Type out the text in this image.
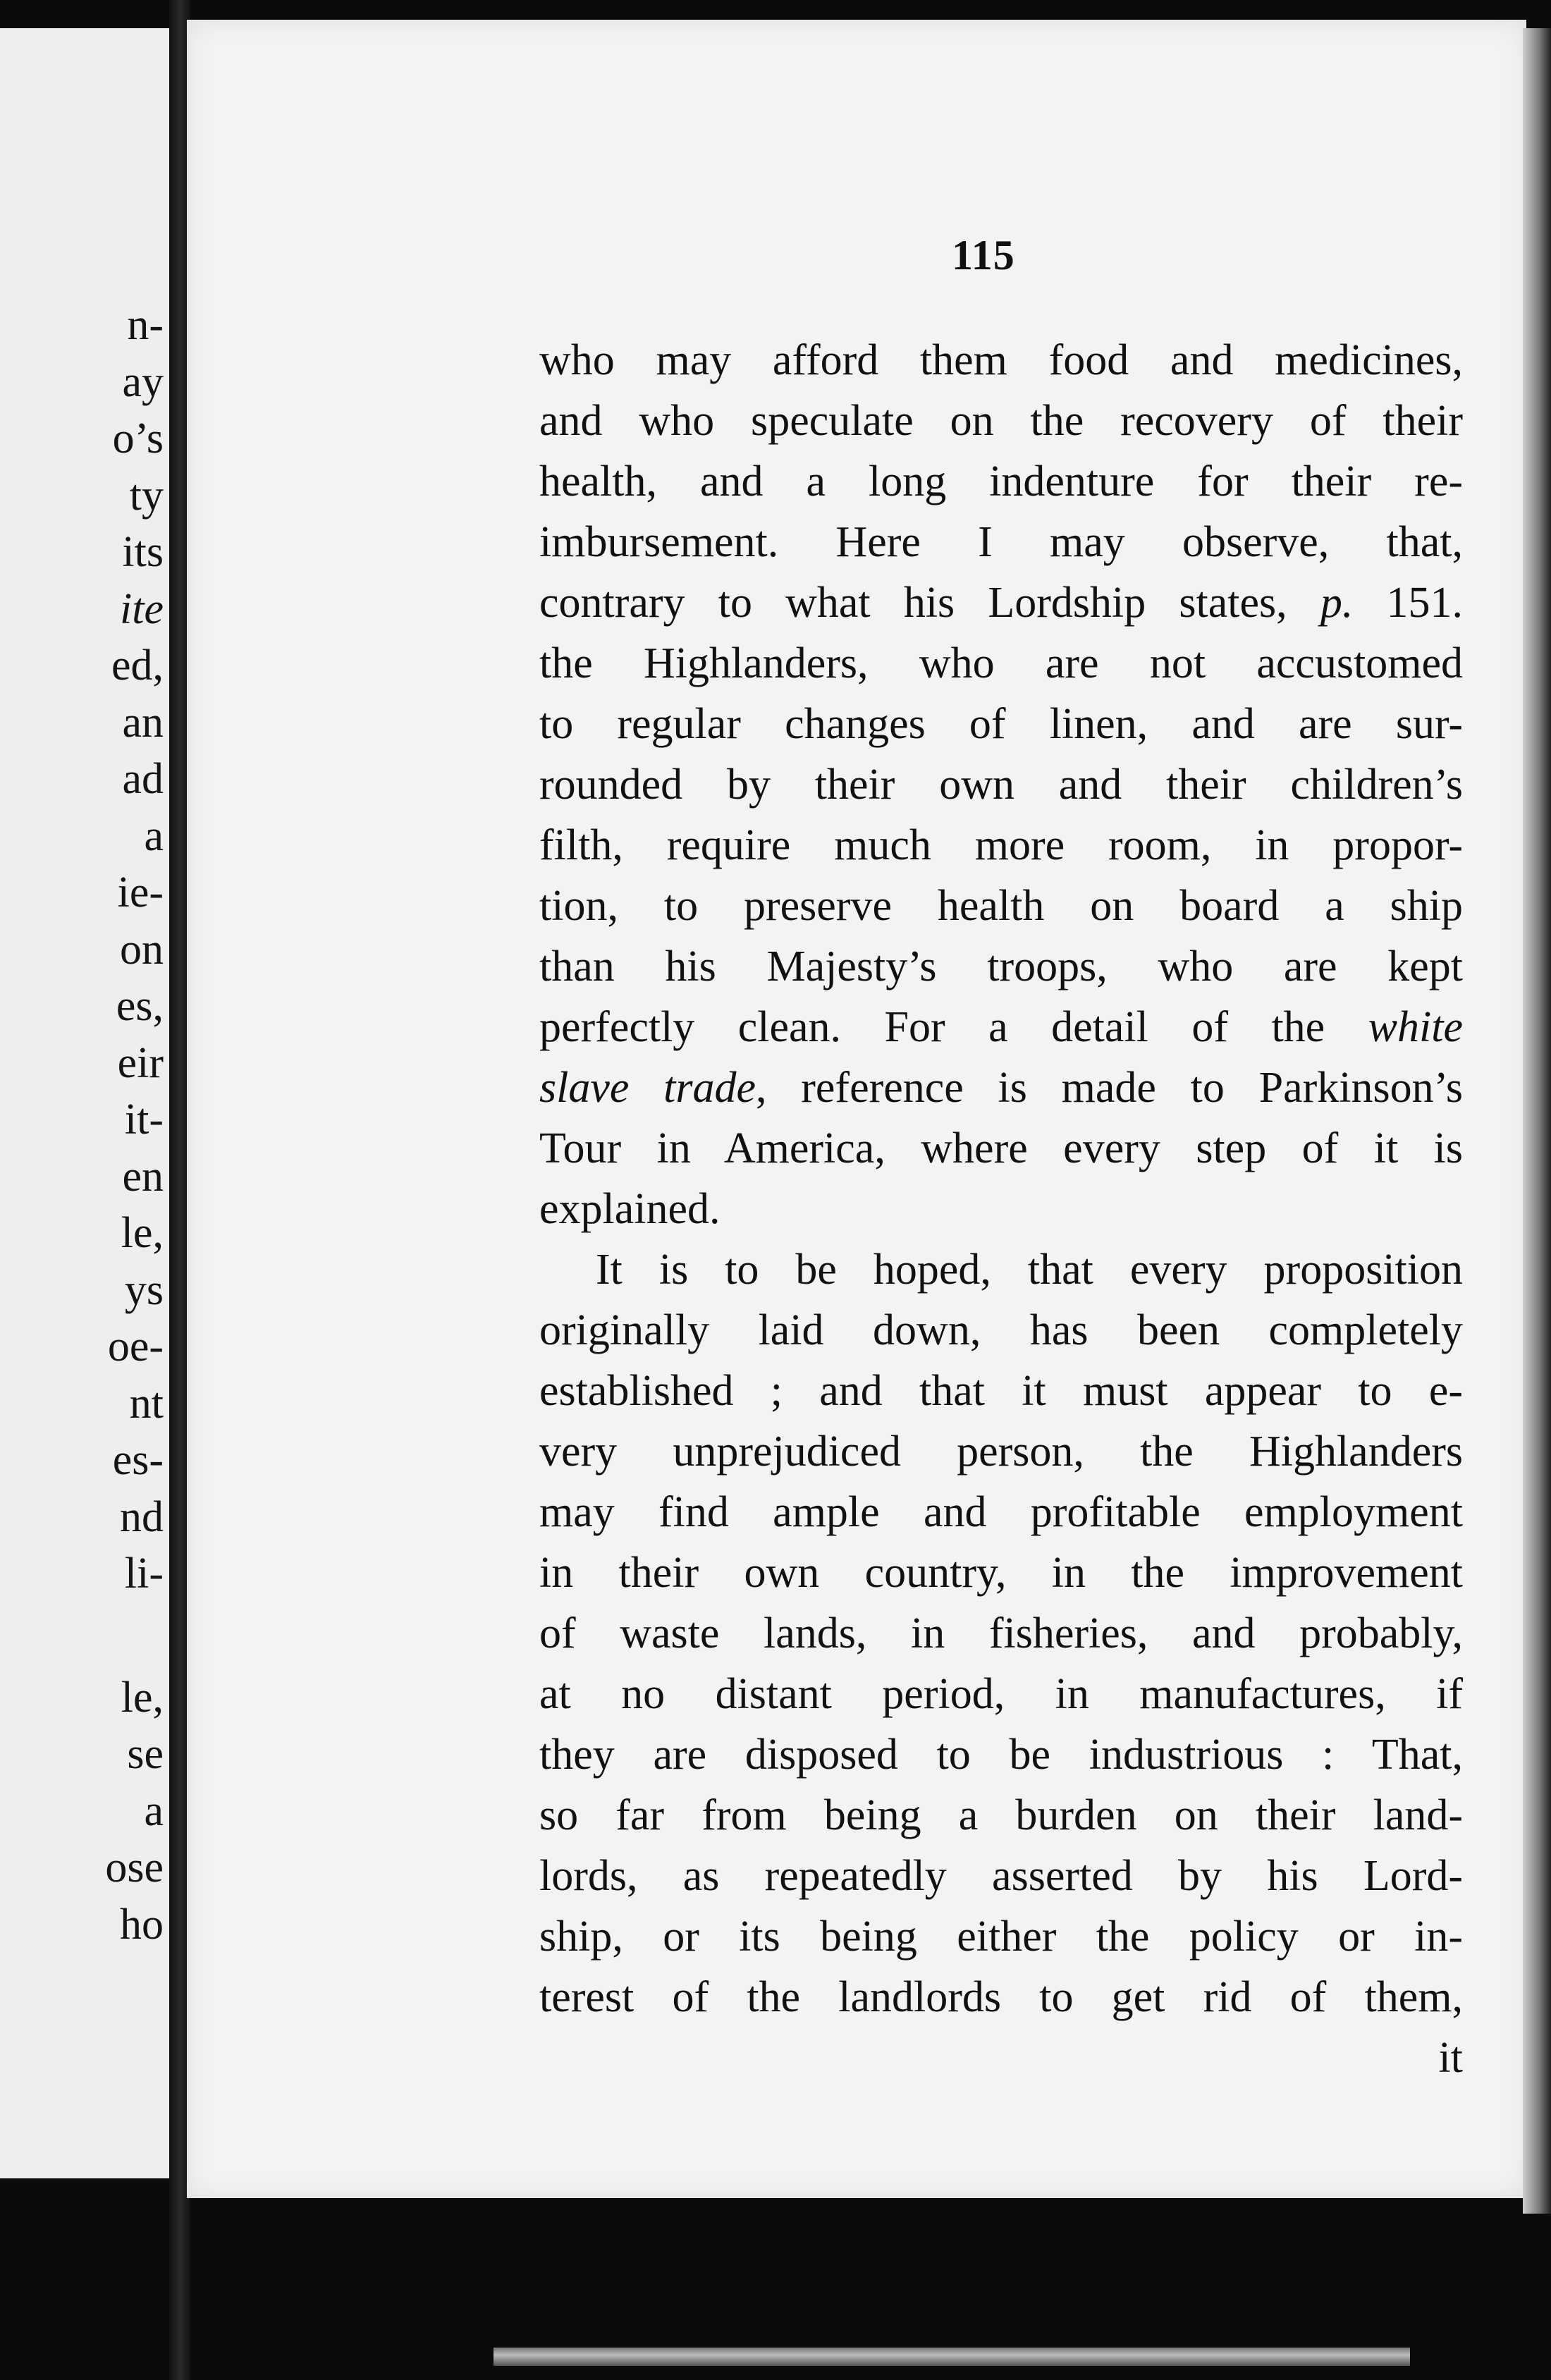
n-
ay
o’s
ty
its
ite
ed,
an
ad
a
ie-
on
es,
eir
it-
en
le,
ys
oe-
nt
es-
nd
li-
le,
se
a
ose
ho
115
who may afford them food and medicines,
and who speculate on the recovery of their
health, and a long indenture for their re-
imbursement. Here I may observe, that,
contrary to what his Lordship states, p. 151.
the Highlanders, who are not accustomed
to regular changes of linen, and are sur-
rounded by their own and their children’s
filth, require much more room, in propor-
tion, to preserve health on board a ship
than his Majesty’s troops, who are kept
perfectly clean. For a detail of the white
slave trade, reference is made to Parkinson’s
Tour in America, where every step of it is
explained.
It is to be hoped, that every proposition
originally laid down, has been completely
established ; and that it must appear to e-
very unprejudiced person, the Highlanders
may find ample and profitable employment
in their own country, in the improvement
of waste lands, in fisheries, and probably,
at no distant period, in manufactures, if
they are disposed to be industrious : That,
so far from being a burden on their land-
lords, as repeatedly asserted by his Lord-
ship, or its being either the policy or in-
terest of the landlords to get rid of them,
it
